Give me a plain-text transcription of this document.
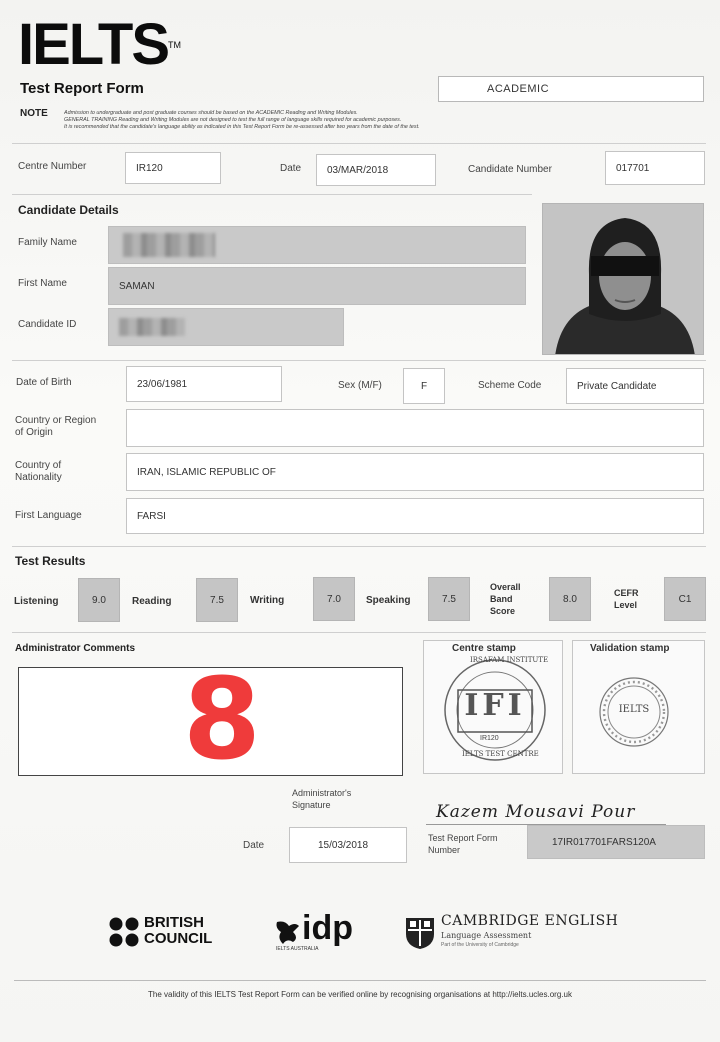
IELTS™
Test Report Form	ACADEMIC
NOTE	Admission to undergraduate and post graduate courses should be based on the ACADEMIC Reading and Writing Modules.
GENERAL TRAINING Reading and Writing Modules are not designed to test the full range of language skills required for academic purposes.
It is recommended that the candidate's language ability as indicated in this Test Report Form be re-assessed after two years from the date of the test.
Centre Number	IR120	Date	03/MAR/2018	Candidate Number	017701
Candidate Details
Family Name
First Name	SAMAN
Candidate ID
Date of Birth	23/06/1981	Sex (M/F)	F	Scheme Code	Private Candidate
Country or Region
of Origin
Country of
Nationality	IRAN, ISLAMIC REPUBLIC OF
First Language	FARSI
Test Results
Listening	9.0	Reading	7.5	Writing	7.0	Speaking	7.5
Overall
Band
Score
8.0
CEFR
Level
C1
Administrator Comments
8
Centre stamp
IRSAFAM INSTITUTE
IFI
IR120
IELTS TEST CENTRE
Validation stamp
IELTS
Administrator's
Signature	Kazem Mousavi Pour
Date	15/03/2018
Test Report Form
Number
17IR017701FARS120A
BRITISH
COUNCIL	idp
IELTS AUSTRALIA
CAMBRIDGE ENGLISH
Language Assessment
Part of the University of Cambridge
The validity of this IELTS Test Report Form can be verified online by recognising organisations at http://ielts.ucles.org.uk
